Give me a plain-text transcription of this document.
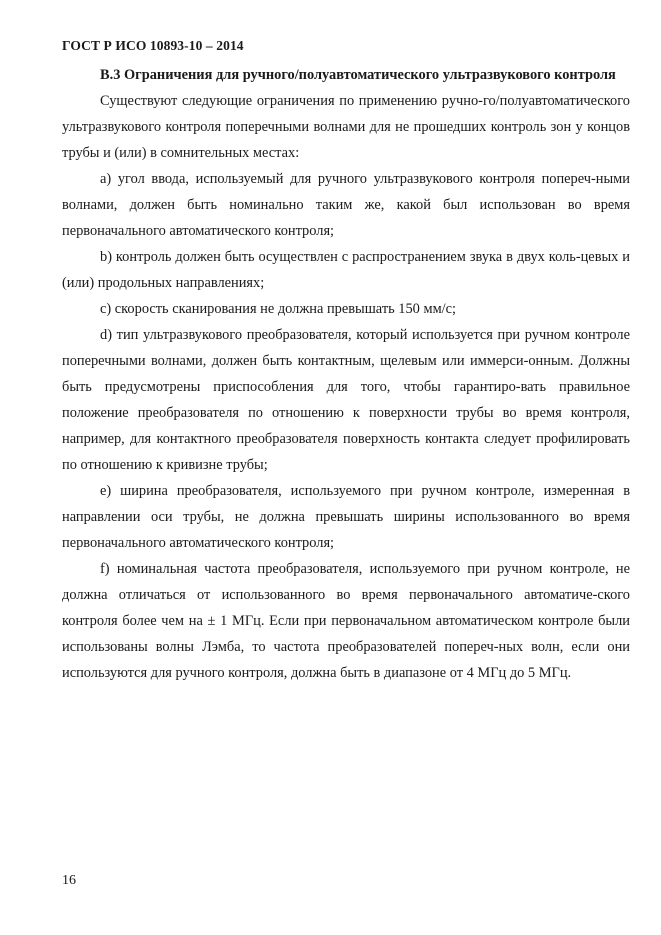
ГОСТ Р ИСО 10893-10 – 2014

B.3 Ограничения для ручного/полуавтоматического ультразвукового контроля

Существуют следующие ограничения по применению ручно-го/полуавтоматического ультразвукового контроля поперечными волнами для не прошедших контроль зон у концов трубы и (или) в сомнительных местах:

a) угол ввода, используемый для ручного ультразвукового контроля попереч-ными волнами, должен быть номинально таким же, какой был использован во время первоначального автоматического контроля;

b) контроль должен быть осуществлен с распространением звука в двух коль-цевых и (или) продольных направлениях;

c) скорость сканирования не должна превышать 150 мм/с;

d) тип ультразвукового преобразователя, который используется при ручном контроле поперечными волнами, должен быть контактным, щелевым или иммерси-онным. Должны быть предусмотрены приспособления для того, чтобы гарантиро-вать правильное положение преобразователя по отношению к поверхности трубы во время контроля, например, для контактного преобразователя поверхность контакта следует профилировать по отношению к кривизне трубы;

e) ширина преобразователя, используемого при ручном контроле, измеренная в направлении оси трубы, не должна превышать ширины использованного во время первоначального автоматического контроля;

f) номинальная частота преобразователя, используемого при ручном контроле, не должна отличаться от использованного во время первоначального автоматиче-ского контроля более чем на ± 1 МГц. Если при первоначальном автоматическом контроле были использованы волны Лэмба, то частота преобразователей попереч-ных волн, если они используются для ручного контроля, должна быть в диапазоне от 4 МГц до 5 МГц.

16
